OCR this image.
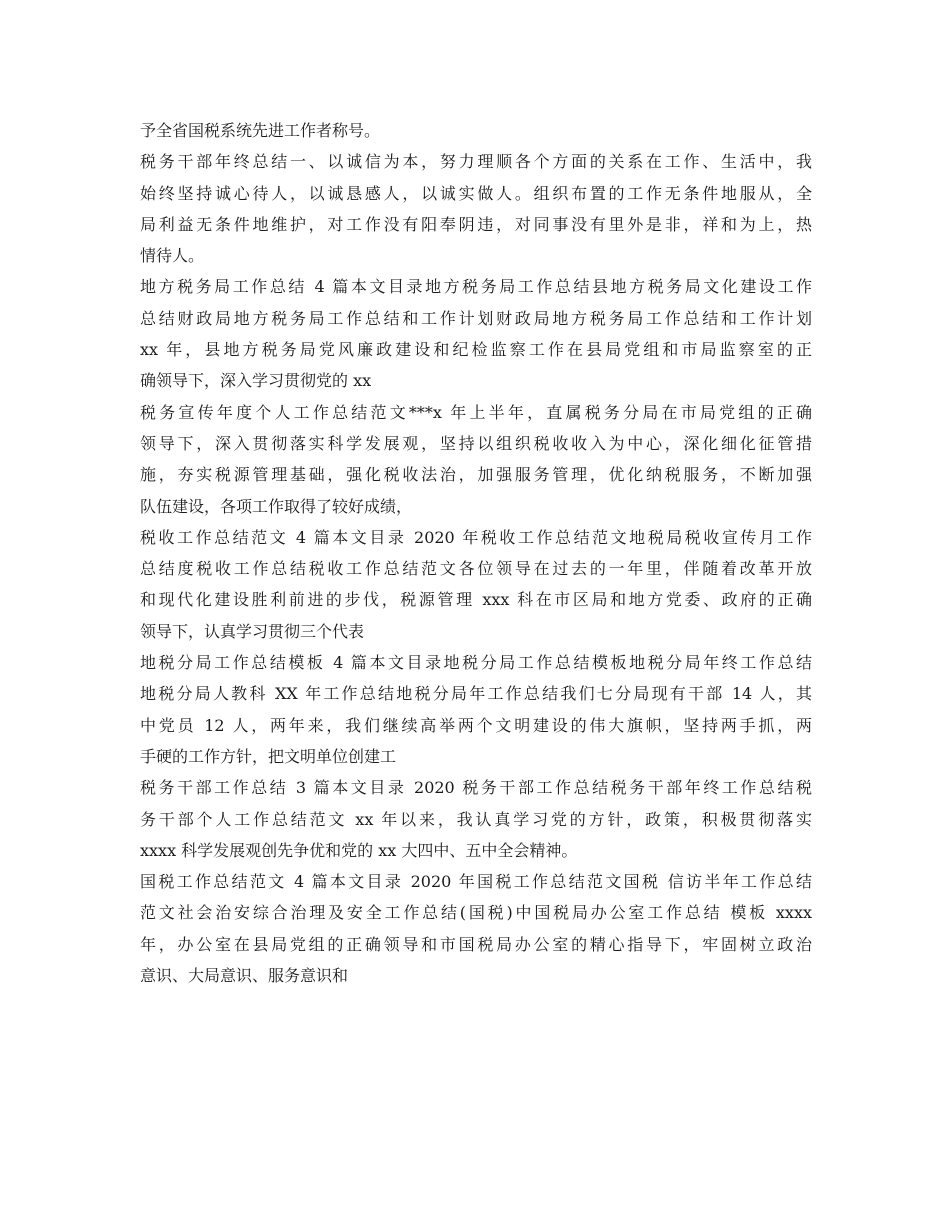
予全省国税系统先进工作者称号。
税务干部年终总结一、以诚信为本，努力理顺各个方面的关系在工作、生活中，我
始终坚持诚心待人，以诚恳感人，以诚实做人。组织布置的工作无条件地服从，全
局利益无条件地维护，对工作没有阳奉阴违，对同事没有里外是非，祥和为上，热
情待人。
地方税务局工作总结 4 篇本文目录地方税务局工作总结县地方税务局文化建设工作
总结财政局地方税务局工作总结和工作计划财政局地方税务局工作总结和工作计划
xx 年，县地方税务局党风廉政建设和纪检监察工作在县局党组和市局监察室的正
确领导下，深入学习贯彻党的 xx
税务宣传年度个人工作总结范文***x 年上半年，直属税务分局在市局党组的正确
领导下，深入贯彻落实科学发展观，坚持以组织税收收入为中心，深化细化征管措
施，夯实税源管理基础，强化税收法治，加强服务管理，优化纳税服务，不断加强
队伍建设，各项工作取得了较好成绩，
税收工作总结范文 4 篇本文目录 2020 年税收工作总结范文地税局税收宣传月工作
总结度税收工作总结税收工作总结范文各位领导在过去的一年里，伴随着改革开放
和现代化建设胜利前进的步伐，税源管理 xxx 科在市区局和地方党委、政府的正确
领导下，认真学习贯彻三个代表
地税分局工作总结模板 4 篇本文目录地税分局工作总结模板地税分局年终工作总结
地税分局人教科 XX 年工作总结地税分局年工作总结我们七分局现有干部 14 人，其
中党员 12 人，两年来，我们继续高举两个文明建设的伟大旗帜，坚持两手抓，两
手硬的工作方针，把文明单位创建工
税务干部工作总结 3 篇本文目录 2020 税务干部工作总结税务干部年终工作总结税
务干部个人工作总结范文 xx 年以来，我认真学习党的方针，政策，积极贯彻落实
xxxx 科学发展观创先争优和党的 xx 大四中、五中全会精神。
国税工作总结范文 4 篇本文目录 2020 年国税工作总结范文国税 信访半年工作总结
范文社会治安综合治理及安全工作总结(国税)中国税局办公室工作总结 模板 xxxx
年，办公室在县局党组的正确领导和市国税局办公室的精心指导下，牢固树立政治
意识、大局意识、服务意识和
